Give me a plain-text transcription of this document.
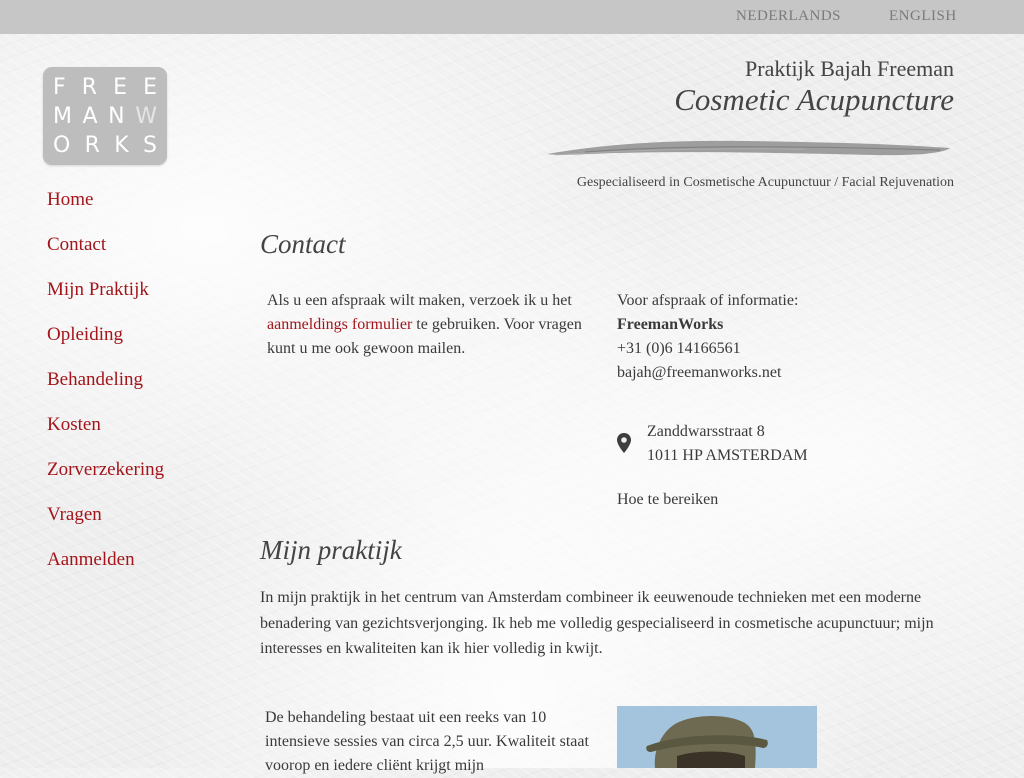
NEDERLANDS	ENGLISH
F R E E
M A N W
O R K S
Home
Contact
Mijn Praktijk
Opleiding
Behandeling
Kosten
Zorverzekering
Vragen
Aanmelden
Praktijk Bajah Freeman
Cosmetic Acupuncture
Gespecialiseerd in Cosmetische Acupunctuur / Facial Rejuvenation
Contact

Als u een afspraak wilt maken, verzoek ik u het aanmeldings formulier te gebruiken. Voor vragen kunt u me ook gewoon mailen.

Voor afspraak of informatie:
FreemanWorks
+31 (0)6 14166561
bajah@freemanworks.net
Zanddwarsstraat 8
1011 HP AMSTERDAM
Hoe te bereiken
Mijn praktijk

In mijn praktijk in het centrum van Amsterdam combineer ik eeuwenoude technieken met een moderne benadering van gezichtsverjonging. Ik heb me volledig gespecialiseerd in cosmetische acupunctuur; mijn interesses en kwaliteiten kan ik hier volledig in kwijt.

De behandeling bestaat uit een reeks van 10 intensieve sessies van circa 2,5 uur. Kwaliteit staat voorop en iedere cliënt krijgt mijn
